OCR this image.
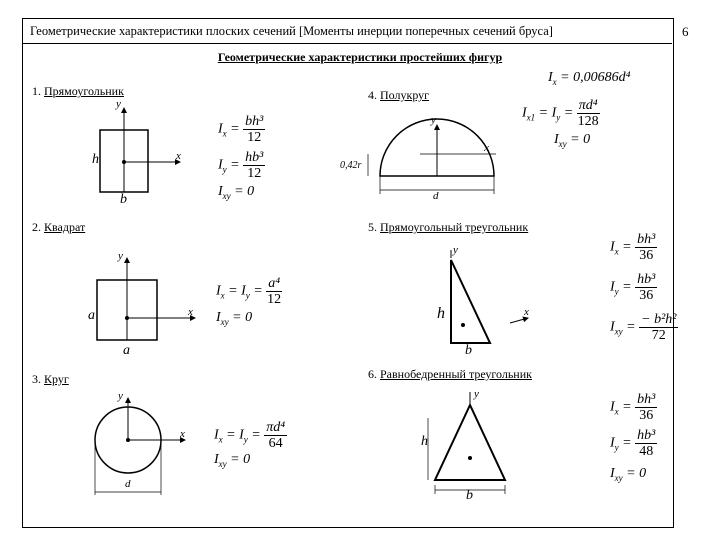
Геометрические характеристики плоских сечений [Моменты инерции поперечных сечений бруса]	6
Геометрические характеристики простейших фигур
1. Прямоугольник
2. Квадрат
3. Круг
4. Полукруг
5. Прямоугольный треугольник
6. Равнобедренный треугольник
y
x
y
x
y
x
y
x
y
x
y
h
b
a
a
d
0,42r
d
h
b
h
b
$I_x = \frac{\text{bh³}}{12}$
$I_y = \frac{\text{hb³}}{12}$
$I_{xy} = 0$
$I_x = I_y = \frac{\text{a⁴}}{12}$
$I_{xy} = 0$
$I_x = I_y = \frac{\text{πd⁴}}{64}$
$I_{xy} = 0$
$I_x = 0,00686d^4$
$I_{x1} = I_y = \frac{\text{πd⁴}}{128}$
$I_{xy} = 0$
$I_x = \frac{\text{bh³}}{36}$
$I_y = \frac{\text{hb³}}{36}$
$I_{xy} = \frac{\text{− b²h²}}{72}$
$I_x = \frac{\text{bh³}}{36}$
$I_y = \frac{\text{hb³}}{48}$
$I_{xy} = 0$
